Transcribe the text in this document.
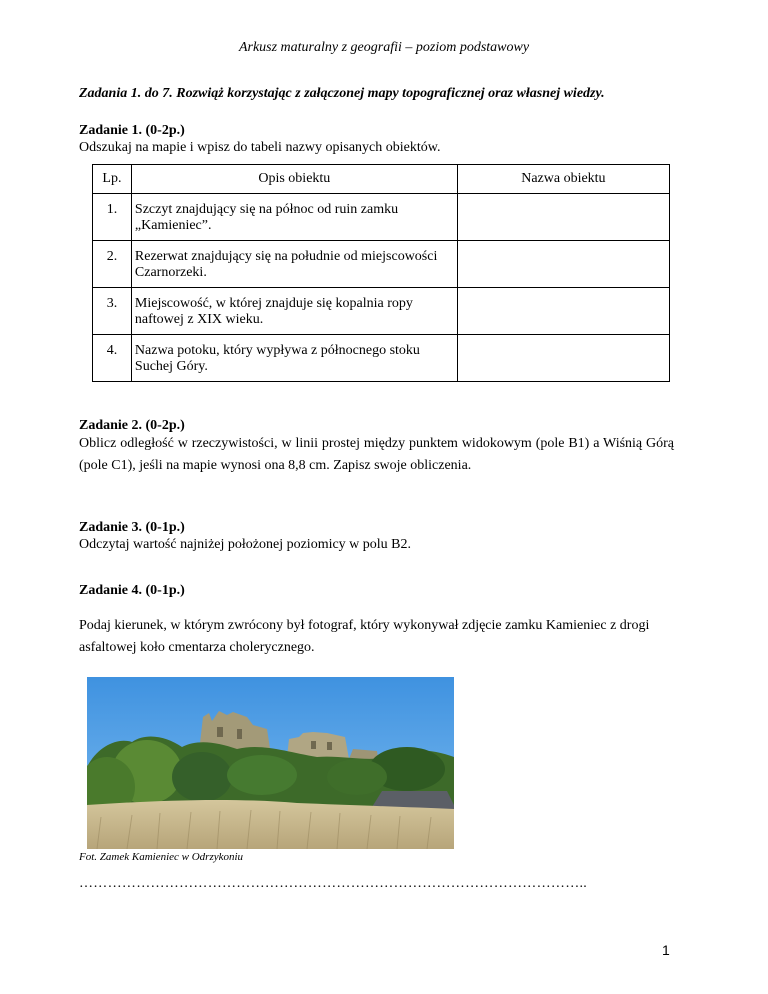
Arkusz maturalny z geografii – poziom podstawowy
Zadania 1. do 7. Rozwiąż korzystając z załączonej mapy topograficznej oraz własnej wiedzy.
Zadanie 1. (0-2p.)
Odszukaj na mapie i wpisz do tabeli nazwy opisanych obiektów.
Lp.	Opis obiektu	Nazwa obiektu

1.	Szczyt znajdujący się na północ od ruin zamku „Kamieniec”.	

2.	Rezerwat znajdujący się na południe od miejscowości Czarnorzeki.	

3.	Miejscowość, w której znajduje się kopalnia ropy naftowej z XIX wieku.	

4.	Nazwa potoku, który wypływa z północnego stoku Suchej Góry.	

Zadanie 2. (0-2p.)
Oblicz odległość w rzeczywistości, w linii prostej między punktem widokowym (pole B1) a Wiśnią Górą (pole C1), jeśli na mapie wynosi ona 8,8 cm. Zapisz swoje obliczenia.
Zadanie 3. (0-1p.)
Odczytaj wartość najniżej położonej poziomicy w polu B2.
Zadanie 4. (0-1p.)
Podaj kierunek, w którym zwrócony był fotograf, który wykonywał zdjęcie zamku Kamieniec z drogi asfaltowej koło cmentarza cholerycznego.
Fot. Zamek Kamieniec w Odrzykoniu
……………………………………………………………………………………………..
1
